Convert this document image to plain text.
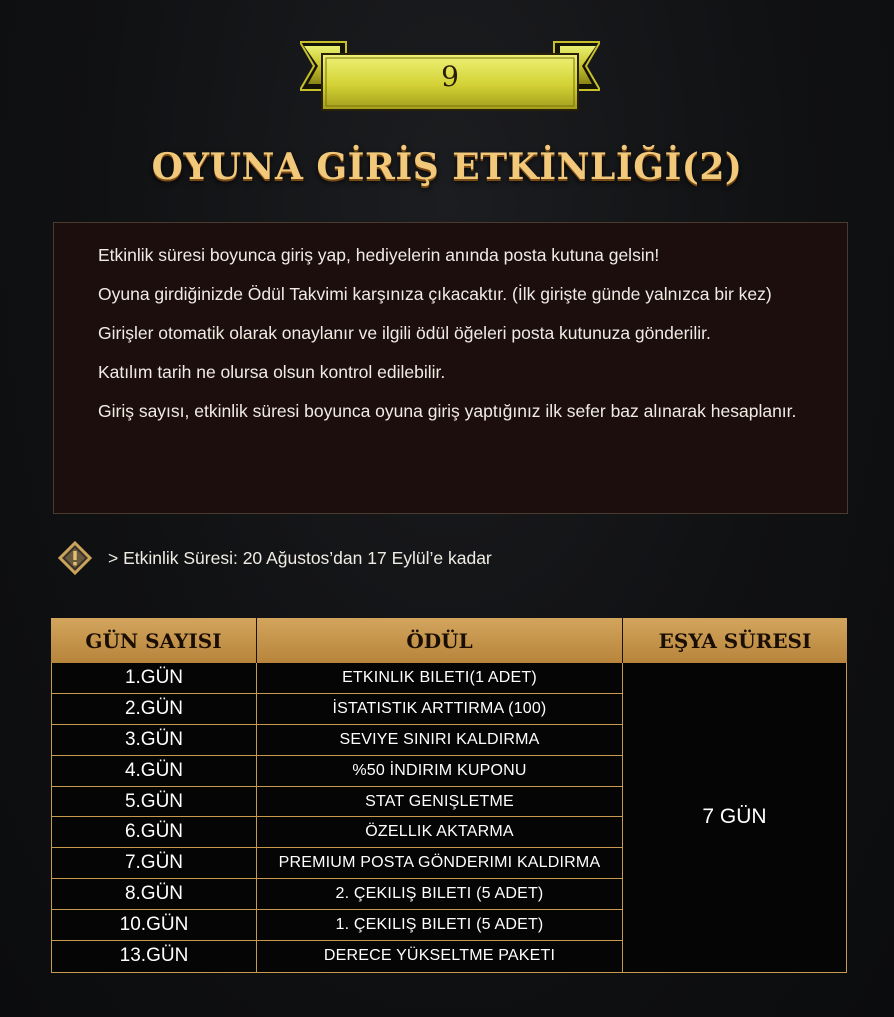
9
OYUNA GİRİŞ ETKİNLİĞİ(2)

Etkinlik süresi boyunca giriş yap, hediyelerin anında posta kutuna gelsin!

Oyuna girdiğinizde Ödül Takvimi karşınıza çıkacaktır. (İlk girişte günde yalnızca bir kez)

Girişler otomatik olarak onaylanır ve ilgili ödül öğeleri posta kutunuza gönderilir.

Katılım tarih ne olursa olsun kontrol edilebilir.

Giriş sayısı, etkinlik süresi boyunca oyuna giriş yaptığınız ilk sefer baz alınarak hesaplanır.

> Etkinlik Süresi: 20 Ağustos’dan 17 Eylül’e kadar
GÜN SAYISI	ÖDÜL	EŞYA SÜRESI
1.GÜN
2.GÜN
3.GÜN
4.GÜN
5.GÜN
6.GÜN
7.GÜN
8.GÜN
10.GÜN
13.GÜN
ETKINLIK BILETI(1 ADET)
İSTATISTIK ARTTIRMA (100)
SEVIYE SINIRI KALDIRMA
%50 İNDIRIM KUPONU
STAT GENIŞLETME
ÖZELLIK AKTARMA
PREMIUM POSTA GÖNDERIMI KALDIRMA
2. ÇEKILIŞ BILETI (5 ADET)
1. ÇEKILIŞ BILETI (5 ADET)
DERECE YÜKSELTME PAKETI
7 GÜN
